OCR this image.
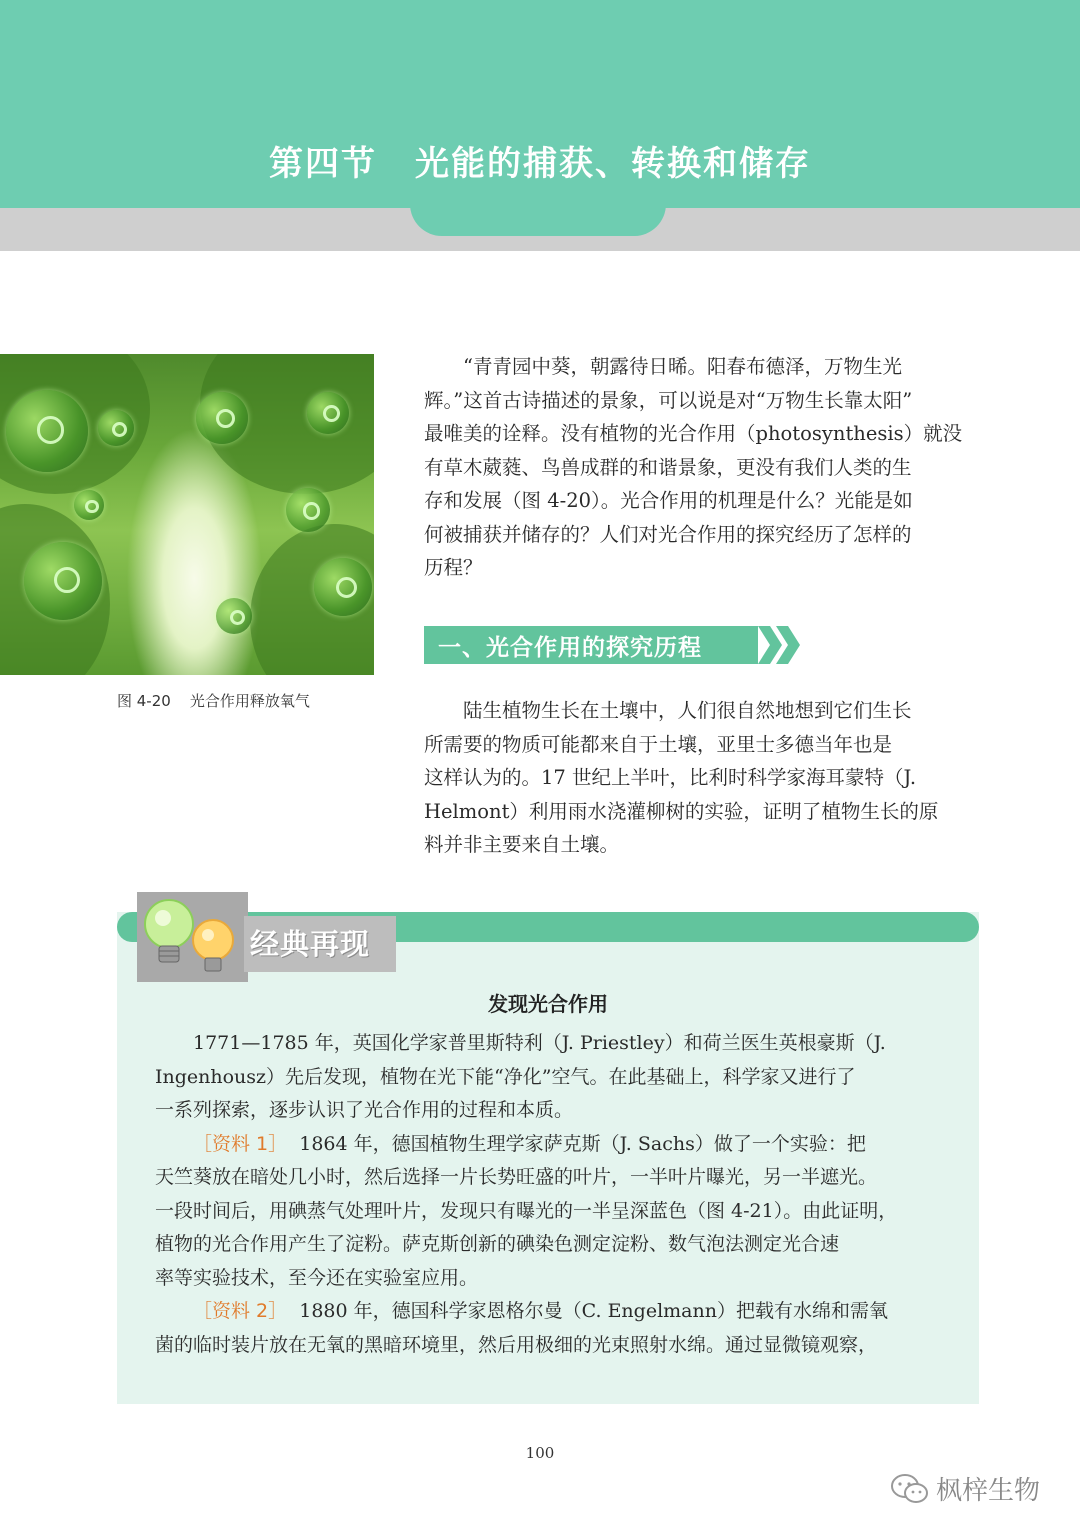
第四节 光能的捕获、转换和储存
图 4-20    光合作用释放氧气
“青青园中葵，朝露待日晞。阳春布德泽，万物生光
辉。”这首古诗描述的景象，可以说是对“万物生长靠太阳”
最唯美的诠释。没有植物的光合作用（photosynthesis）就没
有草木葳蕤、鸟兽成群的和谐景象，更没有我们人类的生
存和发展（图 4-20）。光合作用的机理是什么？光能是如
何被捕获并储存的？人们对光合作用的探究经历了怎样的
历程？
一、光合作用的探究历程
陆生植物生长在土壤中，人们很自然地想到它们生长
所需要的物质可能都来自于土壤，亚里士多德当年也是
这样认为的。17 世纪上半叶，比利时科学家海耳蒙特（J.
Helmont）利用雨水浇灌柳树的实验，证明了植物生长的原
料并非主要来自土壤。
经典再现
发现光合作用
1771—1785 年，英国化学家普里斯特利（J. Priestley）和荷兰医生英根豪斯（J.
Ingenhousz）先后发现，植物在光下能“净化”空气。在此基础上，科学家又进行了
一系列探索，逐步认识了光合作用的过程和本质。
［资料 1］ 1864 年，德国植物生理学家萨克斯（J. Sachs）做了一个实验：把
天竺葵放在暗处几小时，然后选择一片长势旺盛的叶片，一半叶片曝光，另一半遮光。
一段时间后，用碘蒸气处理叶片，发现只有曝光的一半呈深蓝色（图 4-21）。由此证明，
植物的光合作用产生了淀粉。萨克斯创新的碘染色测定淀粉、数气泡法测定光合速
率等实验技术，至今还在实验室应用。
［资料 2］ 1880 年，德国科学家恩格尔曼（C. Engelmann）把载有水绵和需氧
菌的临时装片放在无氧的黑暗环境里，然后用极细的光束照射水绵。通过显微镜观察，
100
枫梓生物
